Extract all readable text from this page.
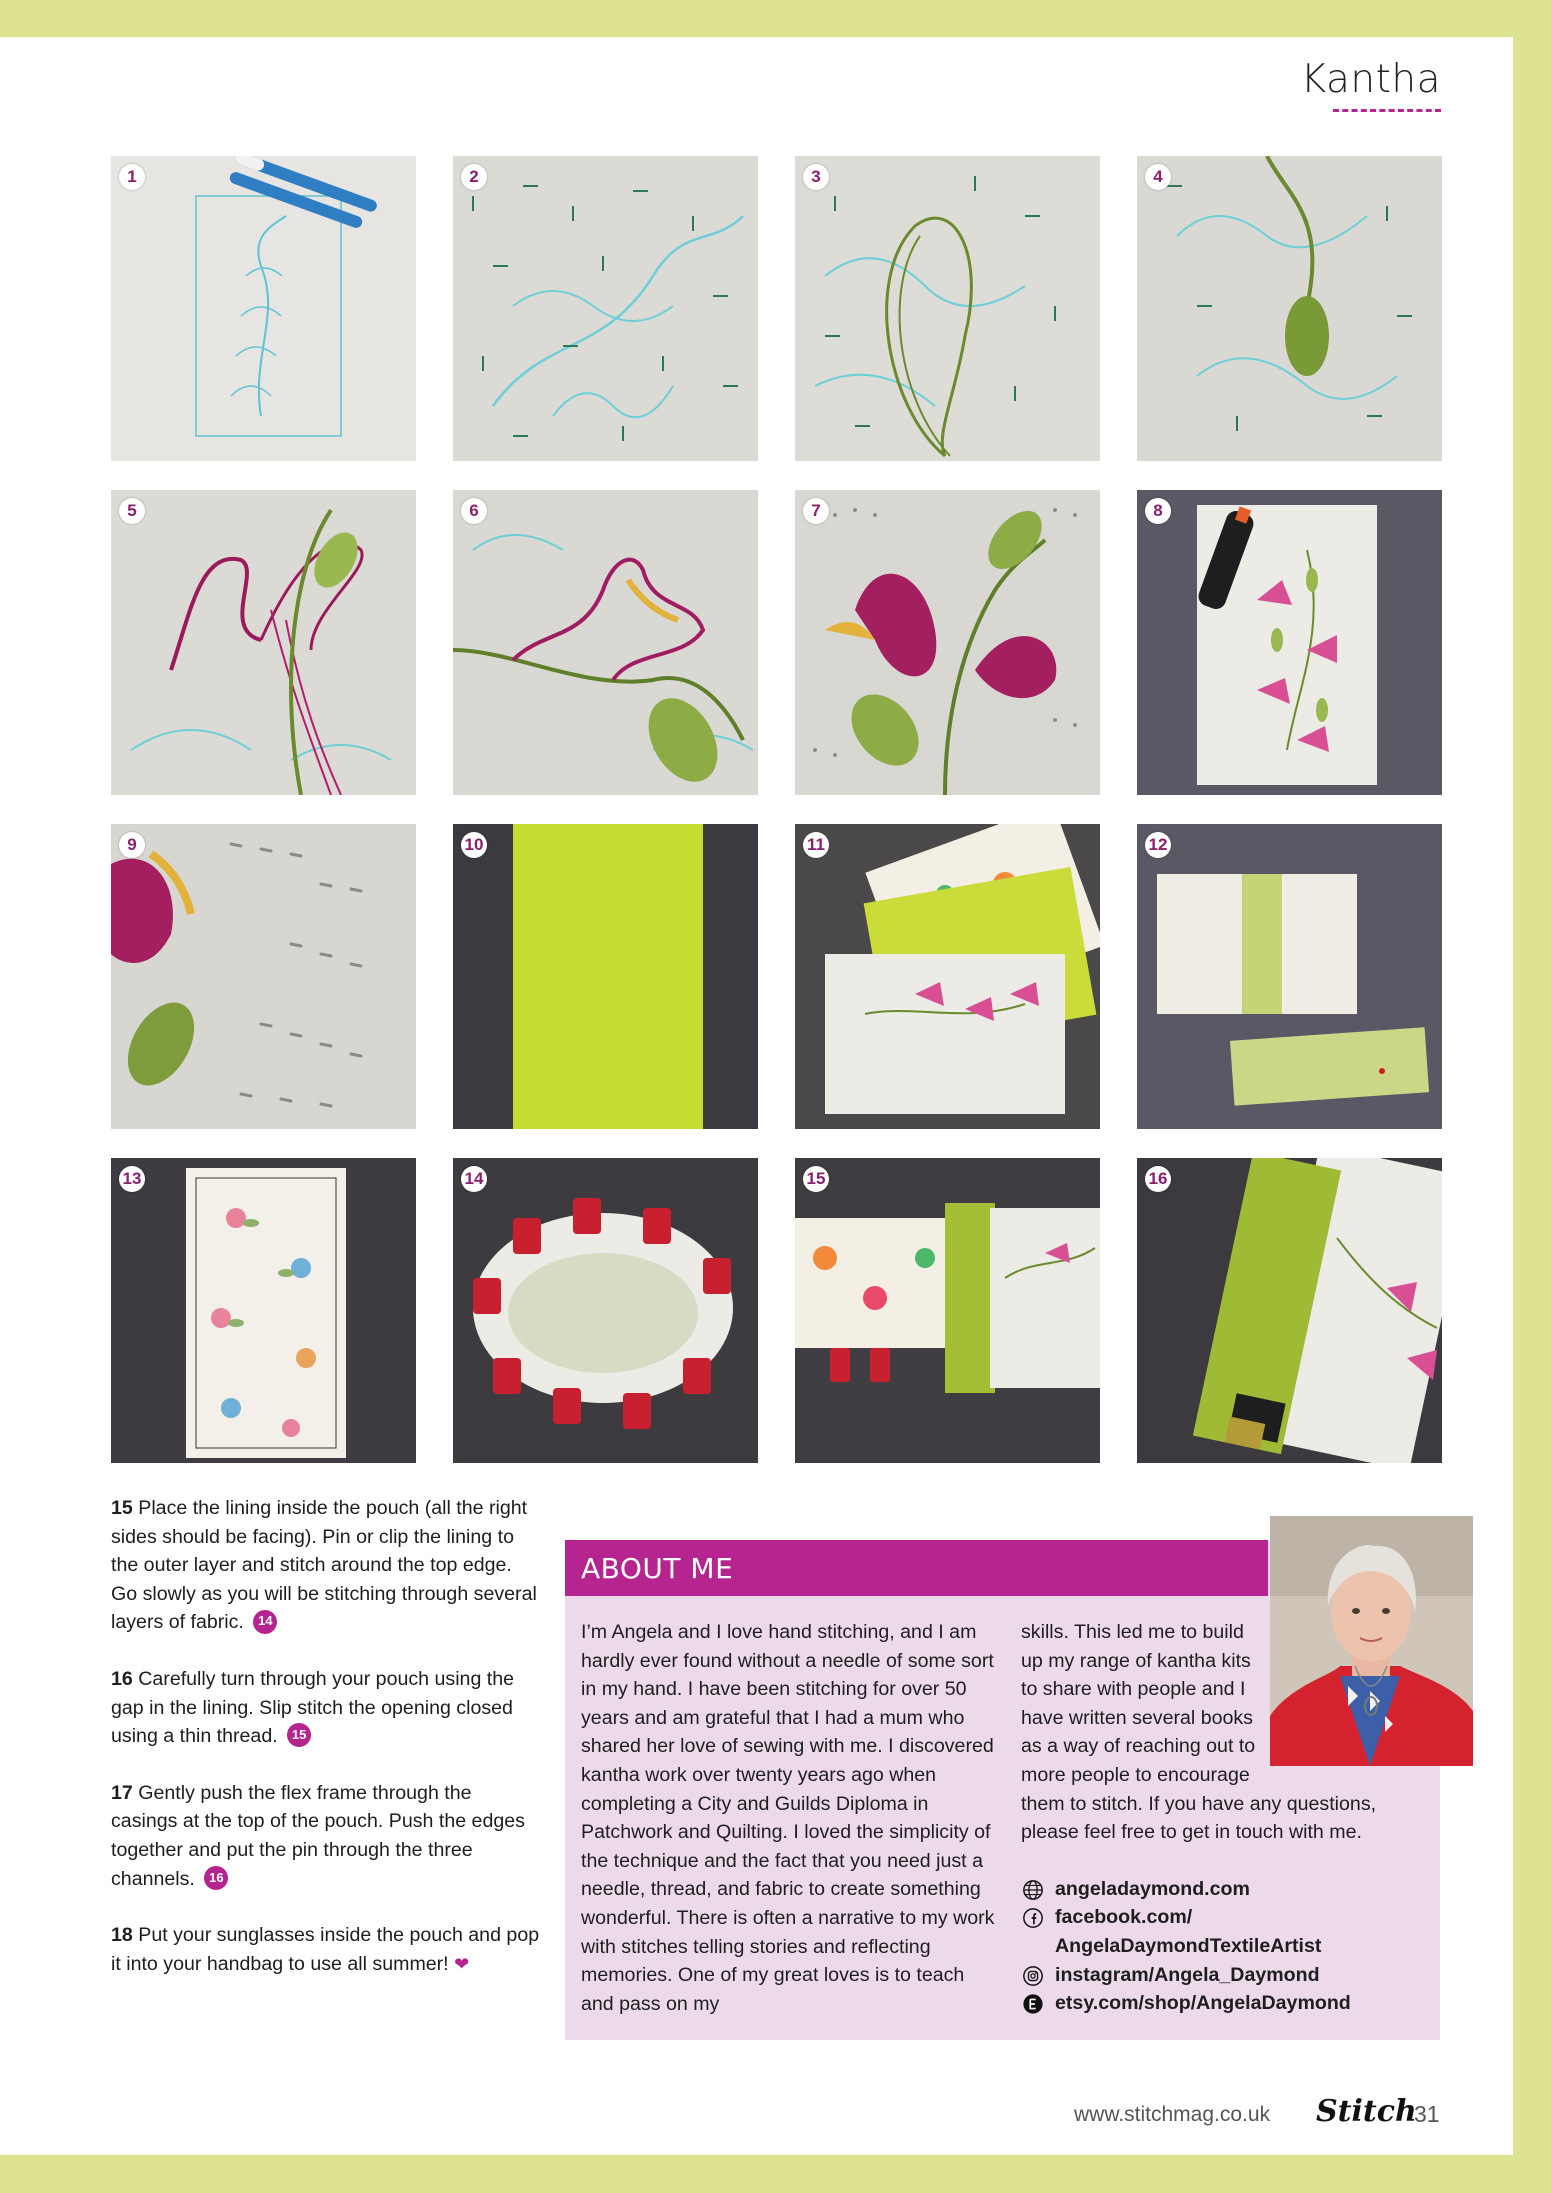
Kantha
1	2	3	4
5	6	7	8
9	10	11	12
13	14	15	16

15 Place the lining inside the pouch (all the right sides should be facing). Pin or clip the lining to the outer layer and stitch around the top edge. Go slowly as you will be stitching through several layers of fabric. 14

16 Carefully turn through your pouch using the gap in the lining. Slip stitch the opening closed using a thin thread. 15

17 Gently push the flex frame through the casings at the top of the pouch. Push the edges together and put the pin through the three channels. 16

18 Put your sunglasses inside the pouch and pop it into your handbag to use all summer! ❤

ABOUT ME
I’m Angela and I love hand stitching, and I am hardly ever found without a needle of some sort in my hand. I have been stitching for over 50 years and am grateful that I had a mum who shared her love of sewing with me. I discovered kantha work over twenty years ago when completing a City and Guilds Diploma in Patchwork and Quilting. I loved the simplicity of the technique and the fact that you need just a needle, thread, and fabric to create something wonderful. There is often a narrative to my work with stitches telling stories and reflecting memories. One of my great loves is to teach and pass on my

skills. This led me to build up my range of kantha kits to share with people and I have written several books as a way of reaching out to more people to encourage

them to stitch. If you have any questions, please feel free to get in touch with me.

angeladaymond.com
facebook.com/ AngelaDaymondTextileArtist
instagram/Angela_Daymond
etsy.com/shop/AngelaDaymond
www.stitchmag.co.uk Stitch
31
